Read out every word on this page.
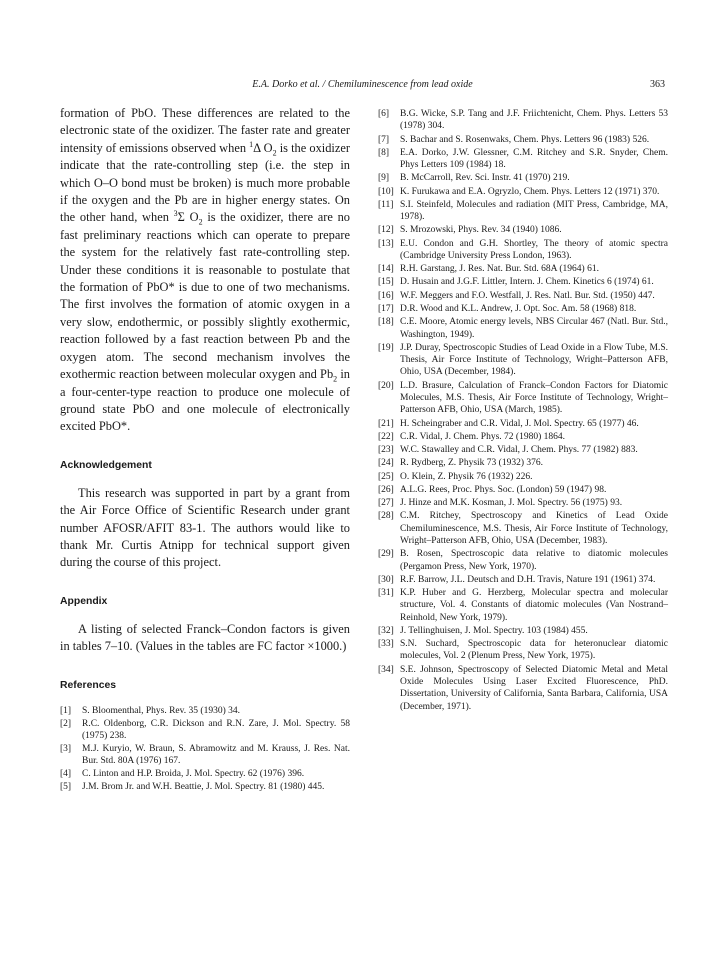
E.A. Dorko et al. / Chemiluminescence from lead oxide	363

formation of PbO. These differences are related to the electronic state of the oxidizer. The faster rate and greater intensity of emissions observed when $^1$Δ $O_2$ is the oxidizer indicate that the rate-controlling step (i.e. the step in which O–O bond must be broken) is much more probable if the oxygen and the Pb are in higher energy states. On the other hand, when $^3$Σ $O_2$ is the oxidizer, there are no fast preliminary reactions which can operate to prepare the system for the relatively fast rate-controlling step. Under these conditions it is reasonable to postulate that the formation of PbO* is due to one of two mechanisms. The first involves the formation of atomic oxygen in a very slow, endothermic, or possibly slightly exothermic, reaction followed by a fast reaction between Pb and the oxygen atom. The second mechanism involves the exothermic reaction between molecular oxygen and $Pb_2$ in a four-center-type reaction to produce one molecule of ground state PbO and one molecule of electronically excited PbO*.

Acknowledgement

This research was supported in part by a grant from the Air Force Office of Scientific Research under grant number AFOSR/AFIT 83-1. The authors would like to thank Mr. Curtis Atnipp for technical support given during the course of this project.

Appendix

A listing of selected Franck–Condon factors is given in tables 7–10. (Values in the tables are FC factor ×1000.)

References
[1]	S. Bloomenthal, Phys. Rev. 35 (1930) 34.
[2]	R.C. Oldenborg, C.R. Dickson and R.N. Zare, J. Mol. Spectry. 58 (1975) 238.
[3]	M.J. Kuryio, W. Braun, S. Abramowitz and M. Krauss, J. Res. Nat. Bur. Std. 80A (1976) 167.
[4]	C. Linton and H.P. Broida, J. Mol. Spectry. 62 (1976) 396.
[5]	J.M. Brom Jr. and W.H. Beattie, J. Mol. Spectry. 81 (1980) 445.
[6]	B.G. Wicke, S.P. Tang and J.F. Friichtenicht, Chem. Phys. Letters 53 (1978) 304.
[7]	S. Bachar and S. Rosenwaks, Chem. Phys. Letters 96 (1983) 526.
[8]	E.A. Dorko, J.W. Glessner, C.M. Ritchey and S.R. Snyder, Chem. Phys Letters 109 (1984) 18.
[9]	B. McCarroll, Rev. Sci. Instr. 41 (1970) 219.
[10] K. Furukawa and E.A. Ogryzlo, Chem. Phys. Letters 12 (1971) 370.
[11] S.I. Steinfeld, Molecules and radiation (MIT Press, Cambridge, MA, 1978).
[12] S. Mrozowski, Phys. Rev. 34 (1940) 1086.
[13] E.U. Condon and G.H. Shortley, The theory of atomic spectra (Cambridge University Press London, 1963).
[14] R.H. Garstang, J. Res. Nat. Bur. Std. 68A (1964) 61.
[15] D. Husain and J.G.F. Littler, Intern. J. Chem. Kinetics 6 (1974) 61.
[16] W.F. Meggers and F.O. Westfall, J. Res. Natl. Bur. Std. (1950) 447.
[17] D.R. Wood and K.L. Andrew, J. Opt. Soc. Am. 58 (1968) 818.
[18] C.E. Moore, Atomic energy levels, NBS Circular 467 (Natl. Bur. Std., Washington, 1949).
[19] J.P. Duray, Spectroscopic Studies of Lead Oxide in a Flow Tube, M.S. Thesis, Air Force Institute of Technology, Wright–Patterson AFB, Ohio, USA (December, 1984).
[20] L.D. Brasure, Calculation of Franck–Condon Factors for Diatomic Molecules, M.S. Thesis, Air Force Institute of Technology, Wright–Patterson AFB, Ohio, USA (March, 1985).
[21] H. Scheingraber and C.R. Vidal, J. Mol. Spectry. 65 (1977) 46.
[22] C.R. Vidal, J. Chem. Phys. 72 (1980) 1864.
[23] W.C. Stawalley and C.R. Vidal, J. Chem. Phys. 77 (1982) 883.
[24] R. Rydberg, Z. Physik 73 (1932) 376.
[25] O. Klein, Z. Physik 76 (1932) 226.
[26] A.L.G. Rees, Proc. Phys. Soc. (London) 59 (1947) 98.
[27] J. Hinze and M.K. Kosman, J. Mol. Spectry. 56 (1975) 93.
[28] C.M. Ritchey, Spectroscopy and Kinetics of Lead Oxide Chemiluminescence, M.S. Thesis, Air Force Institute of Technology, Wright–Patterson AFB, Ohio, USA (December, 1983).
[29] B. Rosen, Spectroscopic data relative to diatomic molecules (Pergamon Press, New York, 1970).
[30] R.F. Barrow, J.L. Deutsch and D.H. Travis, Nature 191 (1961) 374.
[31] K.P. Huber and G. Herzberg, Molecular spectra and molecular structure, Vol. 4. Constants of diatomic molecules (Van Nostrand–Reinhold, New York, 1979).
[32] J. Tellinghuisen, J. Mol. Spectry. 103 (1984) 455.
[33] S.N. Suchard, Spectroscopic data for heteronuclear diatomic molecules, Vol. 2 (Plenum Press, New York, 1975).
[34] S.E. Johnson, Spectroscopy of Selected Diatomic Metal and Metal Oxide Molecules Using Laser Excited Fluorescence, PhD. Dissertation, University of California, Santa Barbara, California, USA (December, 1971).
